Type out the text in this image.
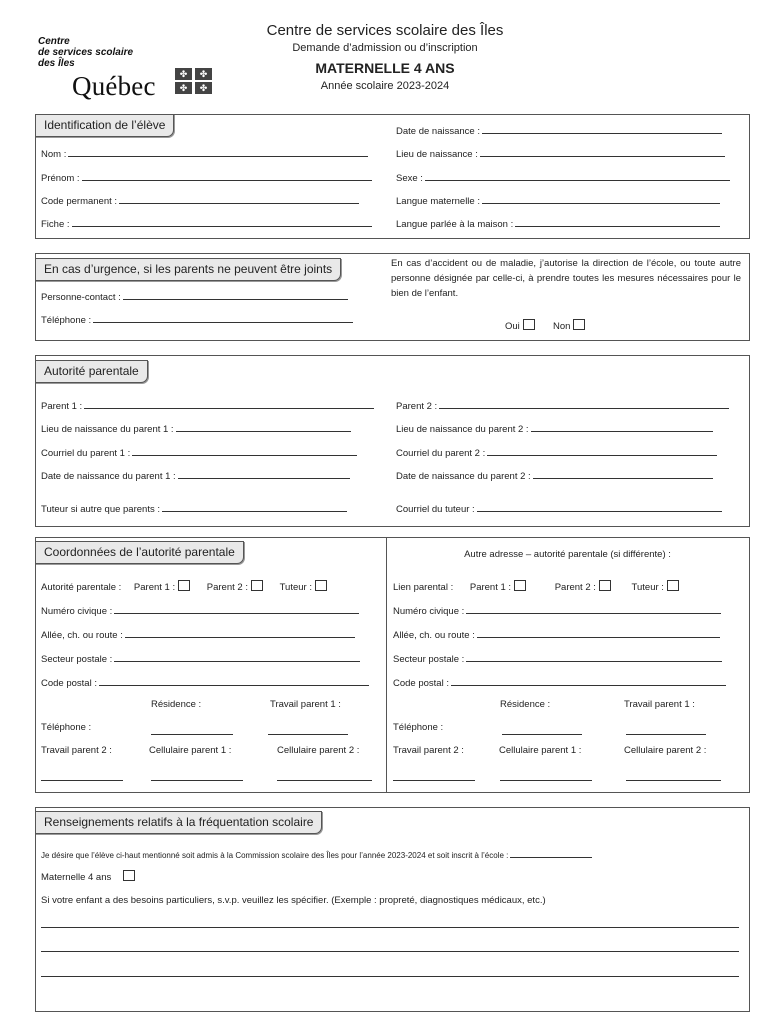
Centre
de services scolaire
des Îles
Québec	✤	✤
✤	✤
Centre de services scolaire des Îles
Demande d’admission ou d’inscription
MATERNELLE 4 ANS
Année scolaire 2023-2024
Identification de l’élève
Nom :
Prénom :
Code permanent :
Fiche :
Date de naissance :
Lieu de naissance :
Sexe :
Langue maternelle :
Langue parlée à la maison :
En cas d’urgence, si les parents ne peuvent être joints
Personne-contact :
Téléphone :
En cas d’accident ou de maladie, j’autorise la direction de l’école, ou toute autre personne désignée par celle-ci, à prendre toutes les mesures nécessaires pour le bien de l’enfant.
Oui	Non
Autorité parentale
Parent 1 :
Lieu de naissance du parent 1 :
Courriel du parent 1 :
Date de naissance du parent 1 :
Tuteur si autre que parents :
Parent 2 :
Lieu de naissance du parent 2 :
Courriel du parent 2 :
Date de naissance du parent 2 :
Courriel du tuteur :
Coordonnées de l’autorité parentale	Autre adresse – autorité parentale (si différente) :
Autorité parentale : Parent 1 :	Parent 2 :	Tuteur :
Numéro civique :
Allée, ch. ou route :
Secteur postale :
Code postal :
Résidence :	Travail parent 1 :
Téléphone :
Travail parent 2 :	Cellulaire parent 1 :	Cellulaire parent 2 :
Lien parental : Parent 1 :	Parent 2 :	Tuteur :
Numéro civique :
Allée, ch. ou route :
Secteur postale :
Code postal :
Résidence :	Travail parent 1 :
Téléphone :
Travail parent 2 :	Cellulaire parent 1 :	Cellulaire parent 2 :
Renseignements relatifs à la fréquentation scolaire
Je désire que l’élève ci-haut mentionné soit admis à la Commission scolaire des Îles pour l’année 2023-2024 et soit inscrit à l’école :
Maternelle 4 ans
Si votre enfant a des besoins particuliers, s.v.p. veuillez les spécifier. (Exemple : propreté, diagnostiques médicaux, etc.)
